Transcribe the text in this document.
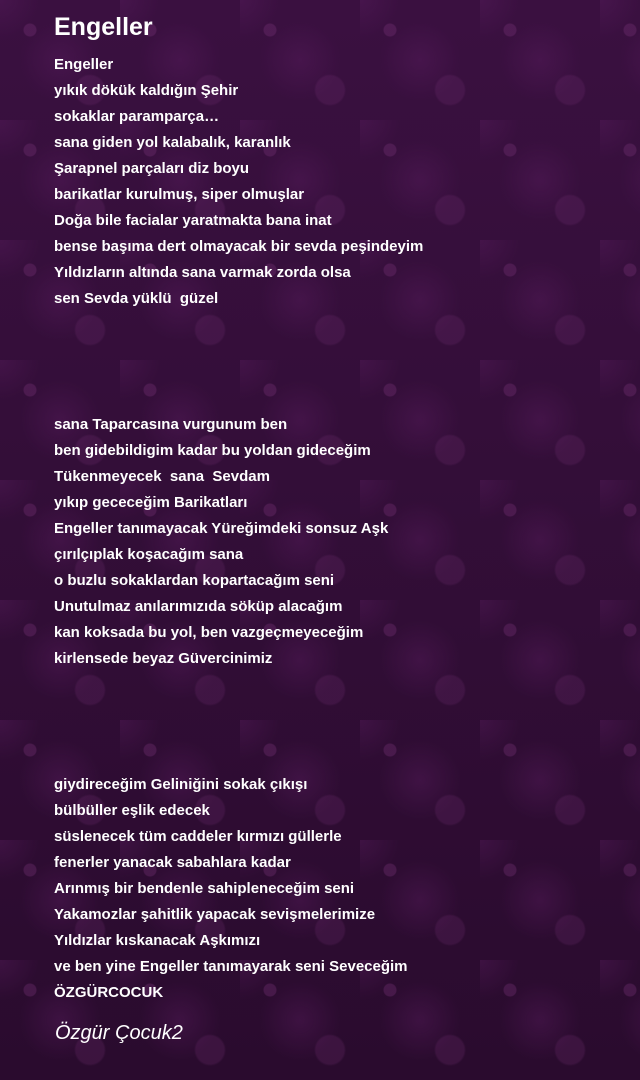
Engeller
Engeller
yıkık dökük kaldığın Şehir
sokaklar paramparça…
sana giden yol kalabalık, karanlık
Şarapnel parçaları diz boyu
barikatlar kurulmuş, siper olmuşlar
Doğa bile facialar yaratmakta bana inat
bense başıma dert olmayacak bir sevda peşindeyim
Yıldızların altında sana varmak zorda olsa
sen Sevda yüklü  güzel
sana Taparcasına vurgunum ben
ben gidebildigim kadar bu yoldan gideceğim
Tükenmeyecek  sana  Sevdam
yıkıp gececeğim Barikatları
Engeller tanımayacak Yüreğimdeki sonsuz Aşk
çırılçıplak koşacağım sana
o buzlu sokaklardan kopartacağım seni
Unutulmaz anılarımızıda söküp alacağım
kan koksada bu yol, ben vazgeçmeyeceğim
kirlensede beyaz Güvercinimiz
giydireceğim Geliniğini sokak çıkışı
bülbüller eşlik edecek
süslenecek tüm caddeler kırmızı güllerle
fenerler yanacak sabahlara kadar
Arınmış bir bendenle sahipleneceğim seni
Yakamozlar şahitlik yapacak sevişmelerimize
Yıldızlar kıskanacak Aşkımızı
ve ben yine Engeller tanımayarak seni Seveceğim
ÖZGÜRCOCUK
Özgür Çocuk2
